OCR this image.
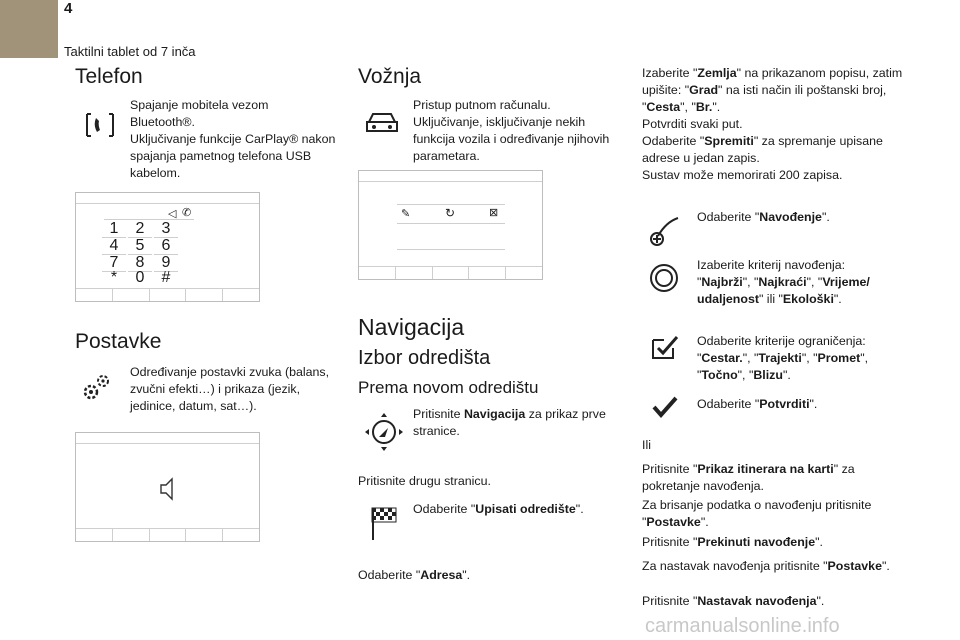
4
Taktilni tablet od 7 inča
Telefon
Spajanje mobitela vezom
Bluetooth®.
Uključivanje funkcije CarPlay® nakon
spajanja pametnog telefona USB
kabelom.
◁ ✆
1	2	3
4	5	6
7	8	9
*	0	#
Postavke
Određivanje postavki zvuka (balans,
zvučni efekti…) i prikaza (jezik,
jedinice, datum, sat…).
Vožnja
Pristup putnom računalu.
Uključivanje, isključivanje nekih
funkcija vozila i određivanje njihovih
parametara.
✎	↻	⊠
Navigacija
Izbor odredišta
Prema novom odredištu
Pritisnite Navigacija za prikaz prve
stranice.
Pritisnite drugu stranicu.
Odaberite "Upisati odredište".
Odaberite "Adresa".
Izaberite "Zemlja" na prikazanom popisu, zatim
upišite: "Grad" na isti način ili poštanski broj,
"Cesta", "Br.".
Potvrditi svaki put.
Odaberite "Spremiti" za spremanje upisane
adrese u jedan zapis.
Sustav može memorirati 200 zapisa.
Odaberite "Navođenje".
Izaberite kriterij navođenja:
"Najbrži", "Najkraći", "Vrijeme/
udaljenost" ili "Ekološki".
Odaberite kriterije ograničenja:
"Cestar.", "Trajekti", "Promet",
"Točno", "Blizu".
Odaberite "Potvrditi".
Ili
Pritisnite "Prikaz itinerara na karti" za
pokretanje navođenja.
Za brisanje podatka o navođenju pritisnite
"Postavke".
Pritisnite "Prekinuti navođenje".
Za nastavak navođenja pritisnite "Postavke".
Pritisnite "Nastavak navođenja".
carmanualsonline.info
